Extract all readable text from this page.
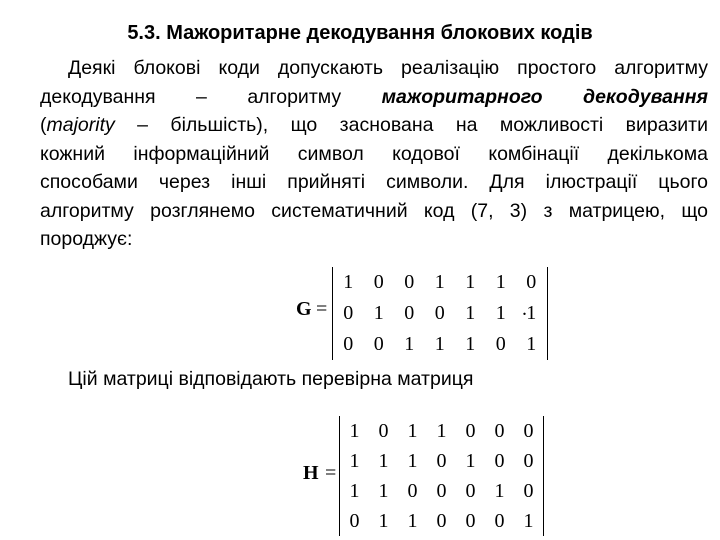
5.3. Мажоритарне декодування блокових кодів
Деякі блокові коди допускають реалізацію простого алгоритму
декодування – алгоритму мажоритарного декодування
(majority – більшість), що заснована на можливості виразити
кожний інформаційний символ кодової комбінації декількома
способами через інші прийняті символи. Для ілюстрації цього
алгоритму розглянемо систематичний код (7, 3) з матрицею, що
породжує:
G =
1	0	0	1	1	1	0
0	1	0	0	1	1	1
0	0	1	1	1	0	1
.
Цій матриці відповідають перевірна матриця
H =
1 0 1 1 0 0 0
1 1 1 0 1 0 0
1 1 0 0 0 1 0
0 1 1 0 0 0 1
